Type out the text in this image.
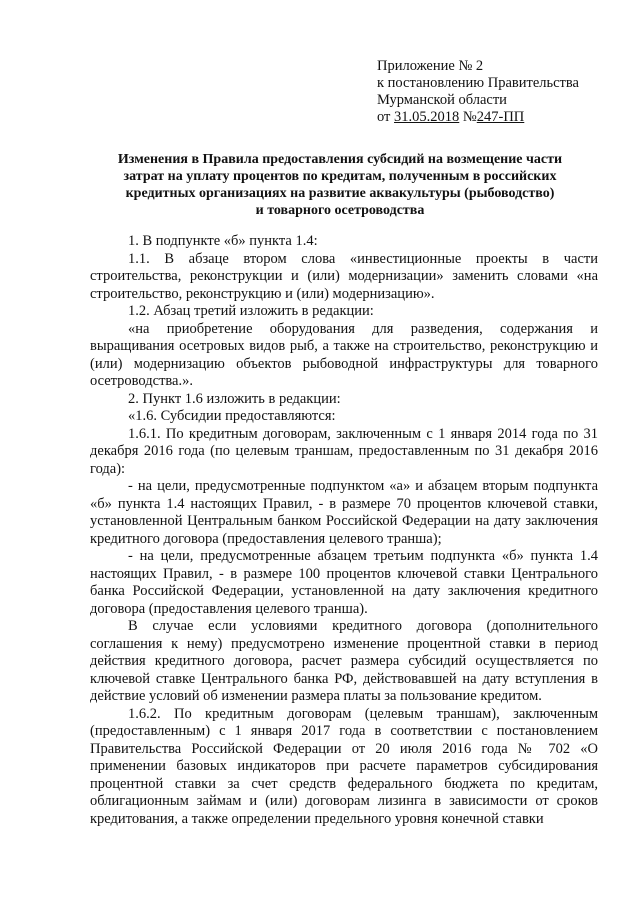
Приложение № 2
к постановлению Правительства
Мурманской области
от 31.05.2018 №247-ПП
Изменения в Правила предоставления субсидий на возмещение части
затрат на уплату процентов по кредитам, полученным в российских
кредитных организациях на развитие аквакультуры (рыбоводство)
и товарного осетроводства

1. В подпункте «б» пункта 1.4:

1.1. В абзаце втором слова «инвестиционные проекты в части строительства, реконструкции и (или) модернизации» заменить словами «на строительство, реконструкцию и (или) модернизацию».

1.2. Абзац третий изложить в редакции:

«на приобретение оборудования для разведения, содержания и выращивания осетровых видов рыб, а также на строительство, реконструкцию и (или) модернизацию объектов рыбоводной инфраструктуры для товарного осетроводства.».

2. Пункт 1.6 изложить в редакции:

«1.6. Субсидии предоставляются:

1.6.1. По кредитным договорам, заключенным с 1 января 2014 года по 31 декабря 2016 года (по целевым траншам, предоставленным по 31 декабря 2016 года):

- на цели, предусмотренные подпунктом «а» и абзацем вторым подпункта «б» пункта 1.4 настоящих Правил, - в размере 70 процентов ключевой ставки, установленной Центральным банком Российской Федерации на дату заключения кредитного договора (предоставления целевого транша);

- на цели, предусмотренные абзацем третьим подпункта «б» пункта 1.4 настоящих Правил, - в размере 100 процентов ключевой ставки Центрального банка Российской Федерации, установленной на дату заключения кредитного договора (предоставления целевого транша).

В случае если условиями кредитного договора (дополнительного соглашения к нему) предусмотрено изменение процентной ставки в период действия кредитного договора, расчет размера субсидий осуществляется по ключевой ставке Центрального банка РФ, действовавшей на дату вступления в действие условий об изменении размера платы за пользование кредитом.

1.6.2. По кредитным договорам (целевым траншам), заключенным (предоставленным) с 1 января 2017 года в соответствии с постановлением Правительства Российской Федерации от 20 июля 2016 года № 702 «О применении базовых индикаторов при расчете параметров субсидирования процентной ставки за счет средств федерального бюджета по кредитам, облигационным займам и (или) договорам лизинга в зависимости от сроков кредитования, а также определении предельного уровня конечной ставки
